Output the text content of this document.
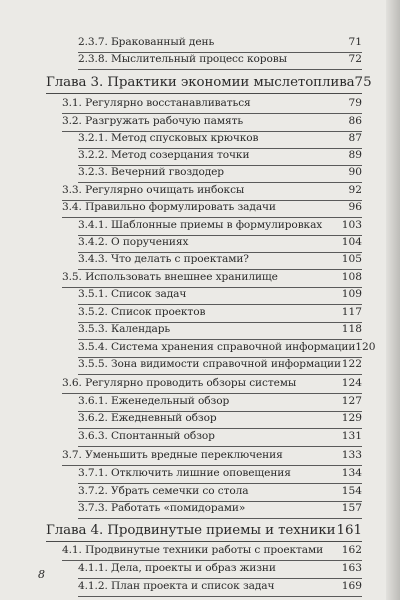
2.3.7. Бракованный день	71
2.3.8. Мыслительный процесс коровы	72
Глава 3. Практики экономии мыслетоплива 75
3.1. Регулярно восстанавливаться	79
3.2. Разгружать рабочую память	86
3.2.1. Метод спусковых крючков	87
3.2.2. Метод созерцания точки	89
3.2.3. Вечерний гвоздодер	90
3.3. Регулярно очищать инбоксы	92
3.4. Правильно формулировать задачи	96
3.4.1. Шаблонные приемы в формулировках 103
3.4.2. О поручениях	104
3.4.3. Что делать с проектами?	105
3.5. Использовать внешнее хранилище	108
3.5.1. Список задач	109
3.5.2. Список проектов	117
3.5.3. Календарь	118
3.5.4. Система хранения справочной информации 120
3.5.5. Зона видимости справочной информации 122
3.6. Регулярно проводить обзоры системы	124
3.6.1. Еженедельный обзор	127
3.6.2. Ежедневный обзор	129
3.6.3. Спонтанный обзор	131
3.7. Уменьшить вредные переключения	133
3.7.1. Отключить лишние оповещения	134
3.7.2. Убрать семечки со стола	154
3.7.3. Работать «помидорами»	157
Глава 4. Продвинутые приемы и техники 161
4.1. Продвинутые техники работы с проектами 162
4.1.1. Дела, проекты и образ жизни	163
4.1.2. План проекта и список задач	169
8
